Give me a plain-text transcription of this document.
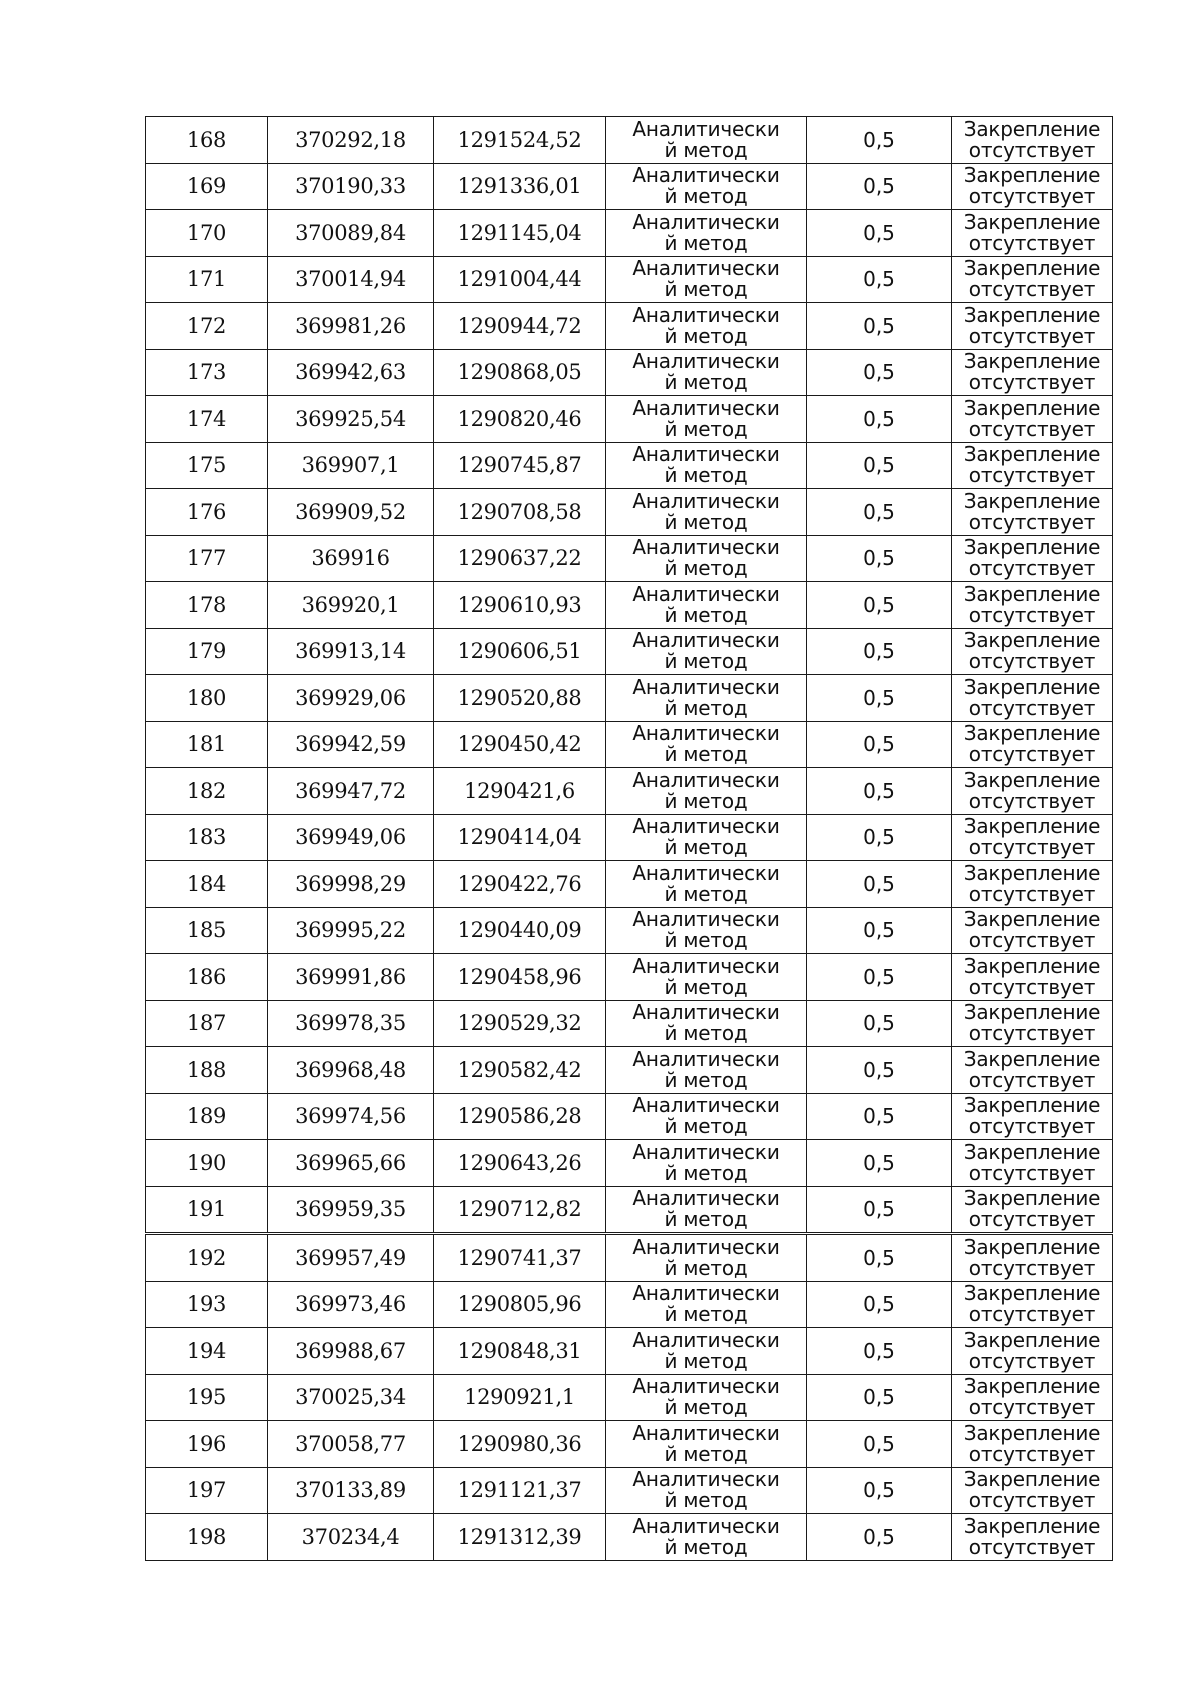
168	370292,18	1291524,52	Аналитический метод	0,5	Закрепление отсутствует
169	370190,33	1291336,01	Аналитический метод	0,5	Закрепление отсутствует
170	370089,84	1291145,04	Аналитический метод	0,5	Закрепление отсутствует
171	370014,94	1291004,44	Аналитический метод	0,5	Закрепление отсутствует
172	369981,26	1290944,72	Аналитический метод	0,5	Закрепление отсутствует
173	369942,63	1290868,05	Аналитический метод	0,5	Закрепление отсутствует
174	369925,54	1290820,46	Аналитический метод	0,5	Закрепление отсутствует
175	369907,1	1290745,87	Аналитический метод	0,5	Закрепление отсутствует
176	369909,52	1290708,58	Аналитический метод	0,5	Закрепление отсутствует
177	369916	1290637,22	Аналитический метод	0,5	Закрепление отсутствует
178	369920,1	1290610,93	Аналитический метод	0,5	Закрепление отсутствует
179	369913,14	1290606,51	Аналитический метод	0,5	Закрепление отсутствует
180	369929,06	1290520,88	Аналитический метод	0,5	Закрепление отсутствует
181	369942,59	1290450,42	Аналитический метод	0,5	Закрепление отсутствует
182	369947,72	1290421,6	Аналитический метод	0,5	Закрепление отсутствует
183	369949,06	1290414,04	Аналитический метод	0,5	Закрепление отсутствует
184	369998,29	1290422,76	Аналитический метод	0,5	Закрепление отсутствует
185	369995,22	1290440,09	Аналитический метод	0,5	Закрепление отсутствует
186	369991,86	1290458,96	Аналитический метод	0,5	Закрепление отсутствует
187	369978,35	1290529,32	Аналитический метод	0,5	Закрепление отсутствует
188	369968,48	1290582,42	Аналитический метод	0,5	Закрепление отсутствует
189	369974,56	1290586,28	Аналитический метод	0,5	Закрепление отсутствует
190	369965,66	1290643,26	Аналитический метод	0,5	Закрепление отсутствует
191	369959,35	1290712,82	Аналитический метод	0,5	Закрепление отсутствует
192	369957,49	1290741,37	Аналитический метод	0,5	Закрепление отсутствует
193	369973,46	1290805,96	Аналитический метод	0,5	Закрепление отсутствует
194	369988,67	1290848,31	Аналитический метод	0,5	Закрепление отсутствует
195	370025,34	1290921,1	Аналитический метод	0,5	Закрепление отсутствует
196	370058,77	1290980,36	Аналитический метод	0,5	Закрепление отсутствует
197	370133,89	1291121,37	Аналитический метод	0,5	Закрепление отсутствует
198	370234,4	1291312,39	Аналитический метод	0,5	Закрепление отсутствует
